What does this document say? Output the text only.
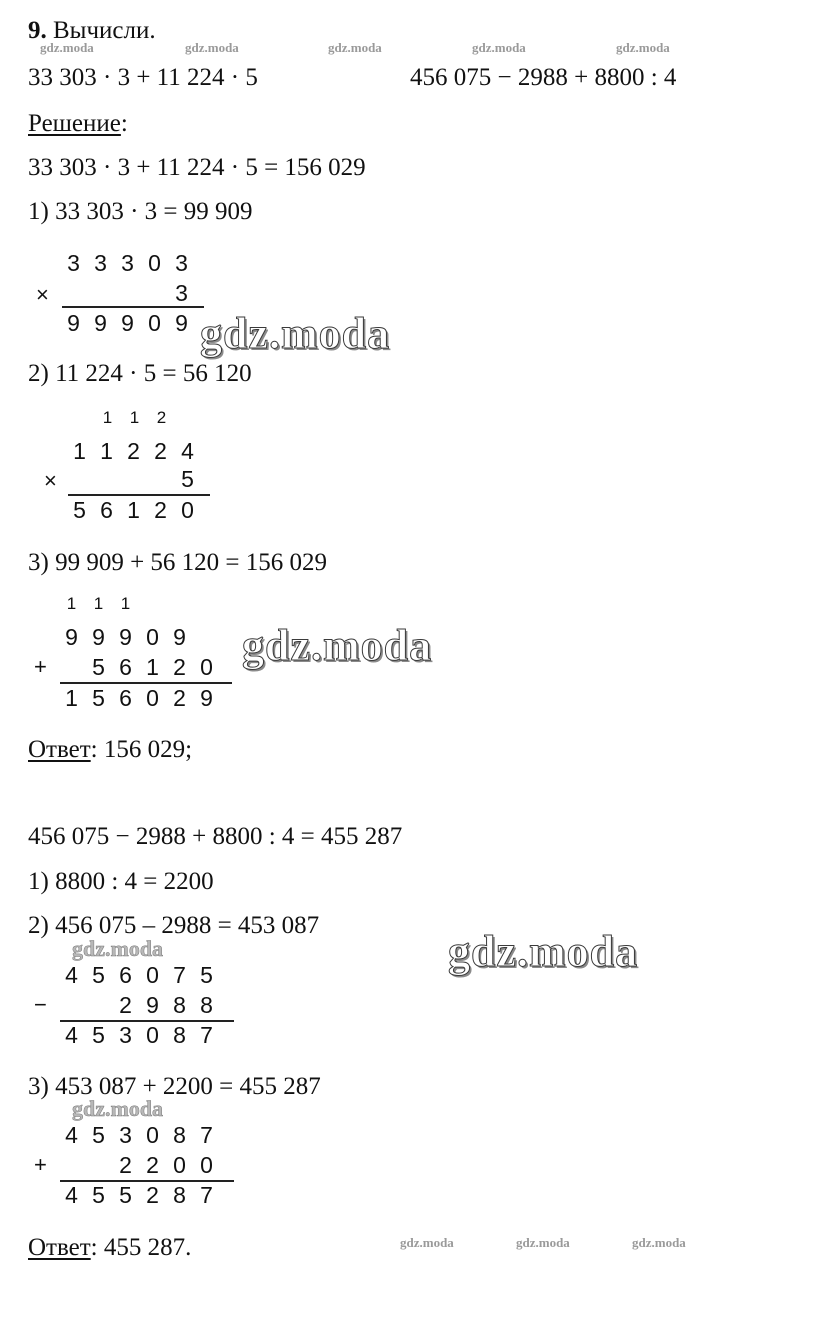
9. Вычисли.
gdz.moda	gdz.moda	gdz.moda	gdz.moda	gdz.moda
33 303 · 3 + 11 224 · 5	456 075 − 2988 + 8800 : 4
Решение:
33 303 · 3 + 11 224 · 5 = 156 029
1) 33 303 · 3 = 99 909
3 3 3 0 3
×	3
9 9 9 0 9 gdz.moda
2) 11 224 · 5 = 56 120
1 1 2
1 1 2 2 4
×	5
5 6 1 2 0
3) 99 909 + 56 120 = 156 029
1 1 1
9 9 9 0 9
+	5 6 1 2 0
1 5 6 0 2 9
gdz.moda
Ответ: 156 029;
456 075 − 2988 + 8800 : 4 = 455 287
1) 8800 : 4 = 2200
2) 456 075 – 2988 = 453 087
gdz.moda	gdz.moda
4 5 6 0 7 5
−	2 9 8 8
4 5 3 0 8 7
3) 453 087 + 2200 = 455 287
gdz.moda
4 5 3 0 8 7
+	2 2 0 0
4 5 5 2 8 7
Ответ: 455 287.	gdz.moda	gdz.moda	gdz.moda
